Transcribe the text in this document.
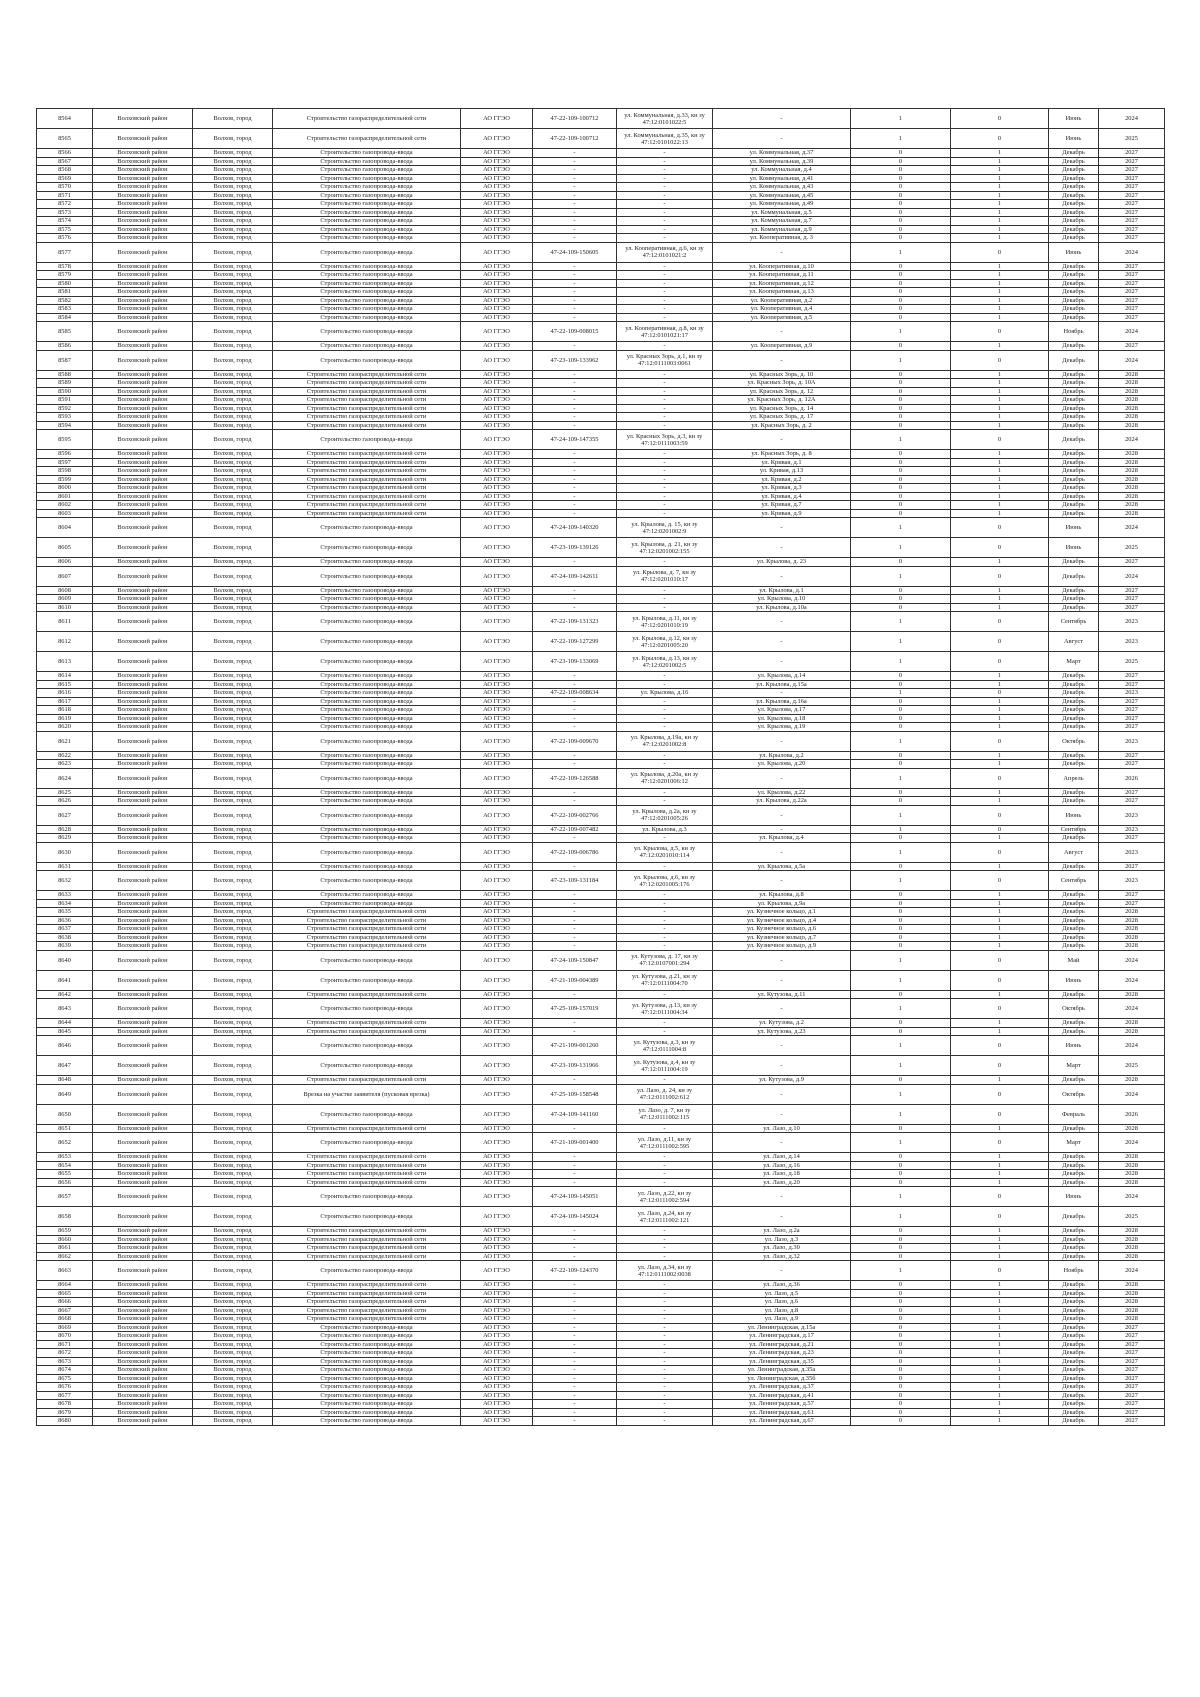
8564	Волховский район	Волхов, город	Строительство газораспределительной сети	АО ГГЭО	47-22-109-100712	ул. Коммунальная, д.33, кн зу 47:12:0101022:5	-	1	0	Июнь	2024
8565	Волховский район	Волхов, город	Строительство газораспределительной сети	АО ГГЭО	47-22-109-100712	ул. Коммунальная, д.35, кн зу 47:12:0101022:13	-	1	0	Июнь	2025
8566	Волховский район	Волхов, город	Строительство газопровода-ввода	АО ГГЭО	-	-	ул. Коммунальная, д.37	0	1	Декабрь	2027
8567	Волховский район	Волхов, город	Строительство газопровода-ввода	АО ГГЭО	-	-	ул. Коммунальная, д.39	0	1	Декабрь	2027
8568	Волховский район	Волхов, город	Строительство газопровода-ввода	АО ГГЭО	-	-	ул. Коммунальная, д.4	0	1	Декабрь	2027
8569	Волховский район	Волхов, город	Строительство газопровода-ввода	АО ГГЭО	-	-	ул. Коммунальная, д.41	0	1	Декабрь	2027
8570	Волховский район	Волхов, город	Строительство газопровода-ввода	АО ГГЭО	-	-	ул. Коммунальная, д.43	0	1	Декабрь	2027
8571	Волховский район	Волхов, город	Строительство газопровода-ввода	АО ГГЭО	-	-	ул. Коммунальная, д.45	0	1	Декабрь	2027
8572	Волховский район	Волхов, город	Строительство газопровода-ввода	АО ГГЭО	-	-	ул. Коммунальная, д.49	0	1	Декабрь	2027
8573	Волховский район	Волхов, город	Строительство газопровода-ввода	АО ГГЭО	-	-	ул. Коммунальная, д.5	0	1	Декабрь	2027
8574	Волховский район	Волхов, город	Строительство газопровода-ввода	АО ГГЭО	-	-	ул. Коммунальная, д.7	0	1	Декабрь	2027
8575	Волховский район	Волхов, город	Строительство газопровода-ввода	АО ГГЭО	-	-	ул. Коммунальная, д.9	0	1	Декабрь	2027
8576	Волховский район	Волхов, город	Строительство газопровода-ввода	АО ГГЭО	-	-	ул. Кооперативная, д. 3	0	1	Декабрь	2027
8577	Волховский район	Волхов, город	Строительство газопровода-ввода	АО ГГЭО	47-24-109-150605	ул. Кооперативная, д.6, кн зу 47:12:0101021:2	-	1	0	Июнь	2024
8578	Волховский район	Волхов, город	Строительство газопровода-ввода	АО ГГЭО	-	-	ул. Кооперативная, д.10	0	1	Декабрь	2027
8579	Волховский район	Волхов, город	Строительство газопровода-ввода	АО ГГЭО	-	-	ул. Кооперативная, д.11	0	1	Декабрь	2027
8580	Волховский район	Волхов, город	Строительство газопровода-ввода	АО ГГЭО	-	-	ул. Кооперативная, д.12	0	1	Декабрь	2027
8581	Волховский район	Волхов, город	Строительство газопровода-ввода	АО ГГЭО	-	-	ул. Кооперативная, д.13	0	1	Декабрь	2027
8582	Волховский район	Волхов, город	Строительство газопровода-ввода	АО ГГЭО	-	-	ул. Кооперативная, д.2	0	1	Декабрь	2027
8583	Волховский район	Волхов, город	Строительство газопровода-ввода	АО ГГЭО	-	-	ул. Кооперативная, д.4	0	1	Декабрь	2027
8584	Волховский район	Волхов, город	Строительство газопровода-ввода	АО ГГЭО	-	-	ул. Кооперативная, д.5	0	1	Декабрь	2027
8585	Волховский район	Волхов, город	Строительство газопровода-ввода	АО ГГЭО	47-22-109-008015	ул. Кооперативная, д.8, кн зу 47:12:0101021:17	-	1	0	Ноябрь	2024
8586	Волховский район	Волхов, город	Строительство газопровода-ввода	АО ГГЭО	-	-	ул. Кооперативная, д.9	0	1	Декабрь	2027
8587	Волховский район	Волхов, город	Строительство газопровода-ввода	АО ГГЭО	47-23-109-133962	ул. Красных Зорь, д.1, кн зу 47:12:0111003:0061	-	1	0	Декабрь	2024
8588	Волховский район	Волхов, город	Строительство газораспределительной сети	АО ГГЭО	-	-	ул. Красных Зорь, д. 10	0	1	Декабрь	2028
8589	Волховский район	Волхов, город	Строительство газораспределительной сети	АО ГГЭО	-	-	ул. Красных Зорь, д. 10А	0	1	Декабрь	2028
8590	Волховский район	Волхов, город	Строительство газораспределительной сети	АО ГГЭО	-	-	ул. Красных Зорь, д. 12	0	1	Декабрь	2028
8591	Волховский район	Волхов, город	Строительство газораспределительной сети	АО ГГЭО	-	-	ул. Красных Зорь, д. 12А	0	1	Декабрь	2028
8592	Волховский район	Волхов, город	Строительство газораспределительной сети	АО ГГЭО	-	-	ул. Красных Зорь, д. 14	0	1	Декабрь	2028
8593	Волховский район	Волхов, город	Строительство газораспределительной сети	АО ГГЭО	-	-	ул. Красных Зорь, д. 17	0	1	Декабрь	2028
8594	Волховский район	Волхов, город	Строительство газораспределительной сети	АО ГГЭО	-	-	ул. Красных Зорь, д. 2	0	1	Декабрь	2028
8595	Волховский район	Волхов, город	Строительство газопровода-ввода	АО ГГЭО	47-24-109-147355	ул. Красных Зорь, д.3, кн зу 47:12:0111003:59	-	1	0	Декабрь	2024
8596	Волховский район	Волхов, город	Строительство газораспределительной сети	АО ГГЭО	-	-	ул. Красных Зорь, д. 8	0	1	Декабрь	2028
8597	Волховский район	Волхов, город	Строительство газораспределительной сети	АО ГГЭО	-	-	ул. Кривая, д.1	0	1	Декабрь	2028
8598	Волховский район	Волхов, город	Строительство газораспределительной сети	АО ГГЭО	-	-	ул. Кривая, д.13	0	1	Декабрь	2028
8599	Волховский район	Волхов, город	Строительство газораспределительной сети	АО ГГЭО	-	-	ул. Кривая, д.2	0	1	Декабрь	2028
8600	Волховский район	Волхов, город	Строительство газораспределительной сети	АО ГГЭО	-	-	ул. Кривая, д.3	0	1	Декабрь	2028
8601	Волховский район	Волхов, город	Строительство газораспределительной сети	АО ГГЭО	-	-	ул. Кривая, д.4	0	1	Декабрь	2028
8602	Волховский район	Волхов, город	Строительство газораспределительной сети	АО ГГЭО	-	-	ул. Кривая, д.7	0	1	Декабрь	2028
8603	Волховский район	Волхов, город	Строительство газораспределительной сети	АО ГГЭО	-	-	ул. Кривая, д.9	0	1	Декабрь	2028
8604	Волховский район	Волхов, город	Строительство газопровода-ввода	АО ГГЭО	47-24-109-140320	ул. Крылова, д. 15, кн зу 47:12:0201002:9	-	1	0	Июнь	2024
8605	Волховский район	Волхов, город	Строительство газопровода-ввода	АО ГГЭО	47-23-109-139126	ул. Крылова, д. 21, кн зу 47:12:0201002:155	-	1	0	Июнь	2025
8606	Волховский район	Волхов, город	Строительство газопровода-ввода	АО ГГЭО	-	-	ул. Крылова, д. 23	0	1	Декабрь	2027
8607	Волховский район	Волхов, город	Строительство газопровода-ввода	АО ГГЭО	47-24-109-142611	ул. Крылова, д. 7, кн зу 47:12:0201010:17	-	1	0	Декабрь	2024
8608	Волховский район	Волхов, город	Строительство газопровода-ввода	АО ГГЭО	-	-	ул. Крылова, д.1	0	1	Декабрь	2027
8609	Волховский район	Волхов, город	Строительство газопровода-ввода	АО ГГЭО	-	-	ул. Крылова, д.10	0	1	Декабрь	2027
8610	Волховский район	Волхов, город	Строительство газопровода-ввода	АО ГГЭО	-	-	ул. Крылова, д.10а	0	1	Декабрь	2027
8611	Волховский район	Волхов, город	Строительство газопровода-ввода	АО ГГЭО	47-22-109-131323	ул. Крылова, д.11, кн зу 47:12:0201010:19	-	1	0	Сентябрь	2023
8612	Волховский район	Волхов, город	Строительство газопровода-ввода	АО ГГЭО	47-22-109-127299	ул. Крылова, д.12, кн зу 47:12:0201005:20	-	1	0	Август	2023
8613	Волховский район	Волхов, город	Строительство газопровода-ввода	АО ГГЭО	47-23-109-133069	ул. Крылова, д.13, кн зу 47:12:0201002:5	-	1	0	Март	2025
8614	Волховский район	Волхов, город	Строительство газопровода-ввода	АО ГГЭО	-	-	ул. Крылова, д.14	0	1	Декабрь	2027
8615	Волховский район	Волхов, город	Строительство газопровода-ввода	АО ГГЭО	-	-	ул. Крылова, д.15а	0	1	Декабрь	2027
8616	Волховский район	Волхов, город	Строительство газопровода-ввода	АО ГГЭО	47-22-109-008634	ул. Крылова, д.16	-	1	0	Декабрь	2023
8617	Волховский район	Волхов, город	Строительство газопровода-ввода	АО ГГЭО	-	-	ул. Крылова, д.16а	0	1	Декабрь	2027
8618	Волховский район	Волхов, город	Строительство газопровода-ввода	АО ГГЭО	-	-	ул. Крылова, д.17	0	1	Декабрь	2027
8619	Волховский район	Волхов, город	Строительство газопровода-ввода	АО ГГЭО	-	-	ул. Крылова, д.18	0	1	Декабрь	2027
8620	Волховский район	Волхов, город	Строительство газопровода-ввода	АО ГГЭО	-	-	ул. Крылова, д.19	0	1	Декабрь	2027
8621	Волховский район	Волхов, город	Строительство газопровода-ввода	АО ГГЭО	47-22-109-009670	ул. Крылова, д.19а, кн зу 47:12:0201002:8	-	1	0	Октябрь	2023
8622	Волховский район	Волхов, город	Строительство газопровода-ввода	АО ГГЭО	-	-	ул. Крылова, д.2	0	1	Декабрь	2027
8623	Волховский район	Волхов, город	Строительство газопровода-ввода	АО ГГЭО	-	-	ул. Крылова, д.20	0	1	Декабрь	2027
8624	Волховский район	Волхов, город	Строительство газопровода-ввода	АО ГГЭО	47-22-109-126588	ул. Крылова, д.20а, кн зу 47:12:0201006:12	-	1	0	Апрель	2026
8625	Волховский район	Волхов, город	Строительство газопровода-ввода	АО ГГЭО	-	-	ул. Крылова, д.22	0	1	Декабрь	2027
8626	Волховский район	Волхов, город	Строительство газопровода-ввода	АО ГГЭО	-	-	ул. Крылова, д.22а	0	1	Декабрь	2027
8627	Волховский район	Волхов, город	Строительство газопровода-ввода	АО ГГЭО	47-22-109-002766	ул. Крылова, д.2а, кн зу 47:12:0201005:26	-	1	0	Июнь	2023
8628	Волховский район	Волхов, город	Строительство газопровода-ввода	АО ГГЭО	47-22-109-007482	ул. Крылова, д.3	-	1	0	Сентябрь	2023
8629	Волховский район	Волхов, город	Строительство газопровода-ввода	АО ГГЭО	-	-	ул. Крылова, д.4	0	1	Декабрь	2027
8630	Волховский район	Волхов, город	Строительство газопровода-ввода	АО ГГЭО	47-22-109-006786	ул. Крылова, д.5, кн зу 47:12:0201010:114	-	1	0	Август	2023
8631	Волховский район	Волхов, город	Строительство газопровода-ввода	АО ГГЭО	-	-	ул. Крылова, д.5а	0	1	Декабрь	2027
8632	Волховский район	Волхов, город	Строительство газопровода-ввода	АО ГГЭО	47-23-109-131184	ул. Крылова, д.6, кн зу 47:12:0201005:176	-	1	0	Сентябрь	2023
8633	Волховский район	Волхов, город	Строительство газопровода-ввода	АО ГГЭО	-	-	ул. Крылова, д.8	0	1	Декабрь	2027
8634	Волховский район	Волхов, город	Строительство газопровода-ввода	АО ГГЭО	-	-	ул. Крылова, д.9а	0	1	Декабрь	2027
8635	Волховский район	Волхов, город	Строительство газораспределительной сети	АО ГГЭО	-	-	ул. Кузнечное кольцо, д.1	0	1	Декабрь	2028
8636	Волховский район	Волхов, город	Строительство газораспределительной сети	АО ГГЭО	-	-	ул. Кузнечное кольцо, д.4	0	1	Декабрь	2028
8637	Волховский район	Волхов, город	Строительство газораспределительной сети	АО ГГЭО	-	-	ул. Кузнечное кольцо, д.6	0	1	Декабрь	2028
8638	Волховский район	Волхов, город	Строительство газораспределительной сети	АО ГГЭО	-	-	ул. Кузнечное кольцо, д.7	0	1	Декабрь	2028
8639	Волховский район	Волхов, город	Строительство газораспределительной сети	АО ГГЭО	-	-	ул. Кузнечное кольцо, д.9	0	1	Декабрь	2028
8640	Волховский район	Волхов, город	Строительство газопровода-ввода	АО ГГЭО	47-24-109-150847	ул. Кутузова, д. 17, кн зу 47:12:0107001:294	-	1	0	Май	2024
8641	Волховский район	Волхов, город	Строительство газопровода-ввода	АО ГГЭО	47-21-109-004389	ул. Кутузова, д.21, кн зу 47:12:0111004:70	-	1	0	Июнь	2024
8642	Волховский район	Волхов, город	Строительство газораспределительной сети	АО ГГЭО	-	-	ул. Кутузова, д.11	0	1	Декабрь	2028
8643	Волховский район	Волхов, город	Строительство газопровода-ввода	АО ГГЭО	47-25-109-157019	ул. Кутузова, д.13, кн зу 47:12:0111004:34	-	1	0	Октябрь	2024
8644	Волховский район	Волхов, город	Строительство газораспределительной сети	АО ГГЭО	-	-	ул. Кутузова, д.2	0	1	Декабрь	2028
8645	Волховский район	Волхов, город	Строительство газораспределительной сети	АО ГГЭО	-	-	ул. Кутузова, д.23	0	1	Декабрь	2028
8646	Волховский район	Волхов, город	Строительство газопровода-ввода	АО ГГЭО	47-21-109-001260	ул. Кутузова, д.3, кн зу 47:12:0111004:8	-	1	0	Июнь	2024
8647	Волховский район	Волхов, город	Строительство газопровода-ввода	АО ГГЭО	47-23-109-131966	ул. Кутузова, д.4, кн зу 47:12:0111004:19	-	1	0	Март	2025
8648	Волховский район	Волхов, город	Строительство газораспределительной сети	АО ГГЭО	-	-	ул. Кутузова, д.9	0	1	Декабрь	2028
8649	Волховский район	Волхов, город	Врезка на участке заявителя (пусковая врезка)	АО ГГЭО	47-25-109-158548	ул. Лазо, д. 24, кн зу 47:12:0111002:612	-	1	0	Октябрь	2024
8650	Волховский район	Волхов, город	Строительство газопровода-ввода	АО ГГЭО	47-24-109-141160	ул. Лазо, д. 7, кн зу 47:12:0111002:115	-	1	0	Февраль	2026
8651	Волховский район	Волхов, город	Строительство газораспределительной сети	АО ГГЭО	-	-	ул. Лазо, д.10	0	1	Декабрь	2028
8652	Волховский район	Волхов, город	Строительство газопровода-ввода	АО ГГЭО	47-21-109-001400	ул. Лазо, д.11, кн зу 47:12:0111002:595	-	1	0	Март	2024
8653	Волховский район	Волхов, город	Строительство газораспределительной сети	АО ГГЭО	-	-	ул. Лазо, д.14	0	1	Декабрь	2028
8654	Волховский район	Волхов, город	Строительство газораспределительной сети	АО ГГЭО	-	-	ул. Лазо, д.16	0	1	Декабрь	2028
8655	Волховский район	Волхов, город	Строительство газораспределительной сети	АО ГГЭО	-	-	ул. Лазо, д.18	0	1	Декабрь	2028
8656	Волховский район	Волхов, город	Строительство газораспределительной сети	АО ГГЭО	-	-	ул. Лазо, д.20	0	1	Декабрь	2028
8657	Волховский район	Волхов, город	Строительство газопровода-ввода	АО ГГЭО	47-24-109-145051	ул. Лазо, д.22, кн зу 47:12:0111002:594	-	1	0	Июнь	2024
8658	Волховский район	Волхов, город	Строительство газопровода-ввода	АО ГГЭО	47-24-109-145024	ул. Лазо, д.24, кн зу 47:12:0111002:121	-	1	0	Декабрь	2025
8659	Волховский район	Волхов, город	Строительство газораспределительной сети	АО ГГЭО	-	-	ул. Лазо, д.2а	0	1	Декабрь	2028
8660	Волховский район	Волхов, город	Строительство газораспределительной сети	АО ГГЭО	-	-	ул. Лазо, д.3	0	1	Декабрь	2028
8661	Волховский район	Волхов, город	Строительство газораспределительной сети	АО ГГЭО	-	-	ул. Лазо, д.30	0	1	Декабрь	2028
8662	Волховский район	Волхов, город	Строительство газораспределительной сети	АО ГГЭО	-	-	ул. Лазо, д.32	0	1	Декабрь	2028
8663	Волховский район	Волхов, город	Строительство газопровода-ввода	АО ГГЭО	47-22-109-124370	ул. Лазо, д.34, кн зу 47:12:0111002:0038	-	1	0	Ноябрь	2024
8664	Волховский район	Волхов, город	Строительство газораспределительной сети	АО ГГЭО	-	-	ул. Лазо, д.36	0	1	Декабрь	2028
8665	Волховский район	Волхов, город	Строительство газораспределительной сети	АО ГГЭО	-	-	ул. Лазо, д.5	0	1	Декабрь	2028
8666	Волховский район	Волхов, город	Строительство газораспределительной сети	АО ГГЭО	-	-	ул. Лазо, д.6	0	1	Декабрь	2028
8667	Волховский район	Волхов, город	Строительство газораспределительной сети	АО ГГЭО	-	-	ул. Лазо, д.8	0	1	Декабрь	2028
8668	Волховский район	Волхов, город	Строительство газораспределительной сети	АО ГГЭО	-	-	ул. Лазо, д.9	0	1	Декабрь	2028
8669	Волховский район	Волхов, город	Строительство газопровода-ввода	АО ГГЭО	-	-	ул. Ленинградская, д.15а	0	1	Декабрь	2027
8670	Волховский район	Волхов, город	Строительство газопровода-ввода	АО ГГЭО	-	-	ул. Ленинградская, д.17	0	1	Декабрь	2027
8671	Волховский район	Волхов, город	Строительство газопровода-ввода	АО ГГЭО	-	-	ул. Ленинградская, д.21	0	1	Декабрь	2027
8672	Волховский район	Волхов, город	Строительство газопровода-ввода	АО ГГЭО	-	-	ул. Ленинградская, д.23	0	1	Декабрь	2027
8673	Волховский район	Волхов, город	Строительство газопровода-ввода	АО ГГЭО	-	-	ул. Ленинградская, д.35	0	1	Декабрь	2027
8674	Волховский район	Волхов, город	Строительство газопровода-ввода	АО ГГЭО	-	-	ул. Ленинградская, д.35а	0	1	Декабрь	2027
8675	Волховский район	Волхов, город	Строительство газопровода-ввода	АО ГГЭО	-	-	ул. Ленинградская, д.35б	0	1	Декабрь	2027
8676	Волховский район	Волхов, город	Строительство газопровода-ввода	АО ГГЭО	-	-	ул. Ленинградская, д.37	0	1	Декабрь	2027
8677	Волховский район	Волхов, город	Строительство газопровода-ввода	АО ГГЭО	-	-	ул. Ленинградская, д.41	0	1	Декабрь	2027
8678	Волховский район	Волхов, город	Строительство газопровода-ввода	АО ГГЭО	-	-	ул. Ленинградская, д.57	0	1	Декабрь	2027
8679	Волховский район	Волхов, город	Строительство газопровода-ввода	АО ГГЭО	-	-	ул. Ленинградская, д.61	0	1	Декабрь	2027
8680	Волховский район	Волхов, город	Строительство газопровода-ввода	АО ГГЭО	-	-	ул. Ленинградская, д.67	0	1	Декабрь	2027
